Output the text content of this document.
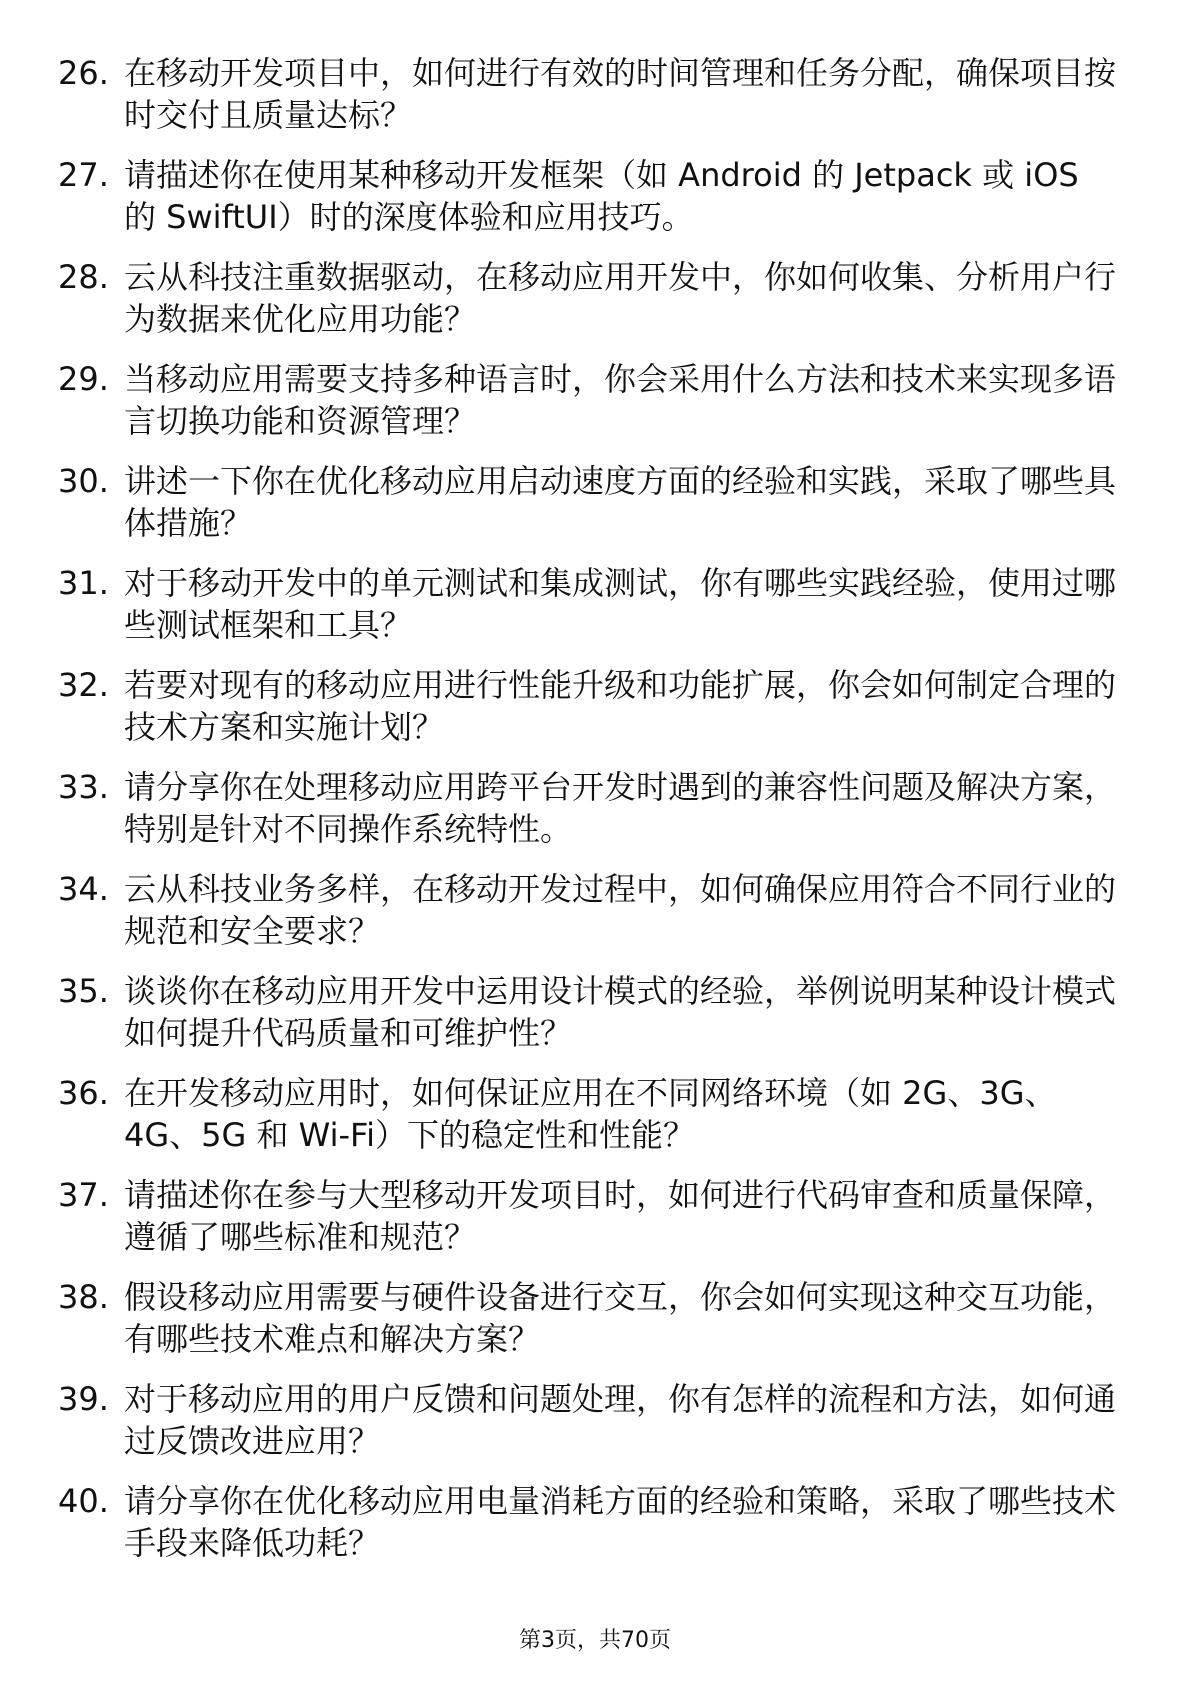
26. 在移动开发项目中，如何进行有效的时间管理和任务分配，确保项目按时交付且质量达标？
27. 请描述你在使用某种移动开发框架（如 Android 的 Jetpack 或 iOS 的 SwiftUI）时的深度体验和应用技巧。
28. 云从科技注重数据驱动，在移动应用开发中，你如何收集、分析用户行为数据来优化应用功能？
29. 当移动应用需要支持多种语言时，你会采用什么方法和技术来实现多语言切换功能和资源管理？
30. 讲述一下你在优化移动应用启动速度方面的经验和实践，采取了哪些具体措施？
31. 对于移动开发中的单元测试和集成测试，你有哪些实践经验，使用过哪些测试框架和工具？
32. 若要对现有的移动应用进行性能升级和功能扩展，你会如何制定合理的技术方案和实施计划？
33. 请分享你在处理移动应用跨平台开发时遇到的兼容性问题及解决方案，特别是针对不同操作系统特性。
34. 云从科技业务多样，在移动开发过程中，如何确保应用符合不同行业的规范和安全要求？
35. 谈谈你在移动应用开发中运用设计模式的经验，举例说明某种设计模式如何提升代码质量和可维护性？
36. 在开发移动应用时，如何保证应用在不同网络环境（如 2G、3G、4G、5G 和 Wi-Fi）下的稳定性和性能？
37. 请描述你在参与大型移动开发项目时，如何进行代码审查和质量保障，遵循了哪些标准和规范？
38. 假设移动应用需要与硬件设备进行交互，你会如何实现这种交互功能，有哪些技术难点和解决方案？
39. 对于移动应用的用户反馈和问题处理，你有怎样的流程和方法，如何通过反馈改进应用？
40. 请分享你在优化移动应用电量消耗方面的经验和策略，采取了哪些技术手段来降低功耗？
第3页，共70页
